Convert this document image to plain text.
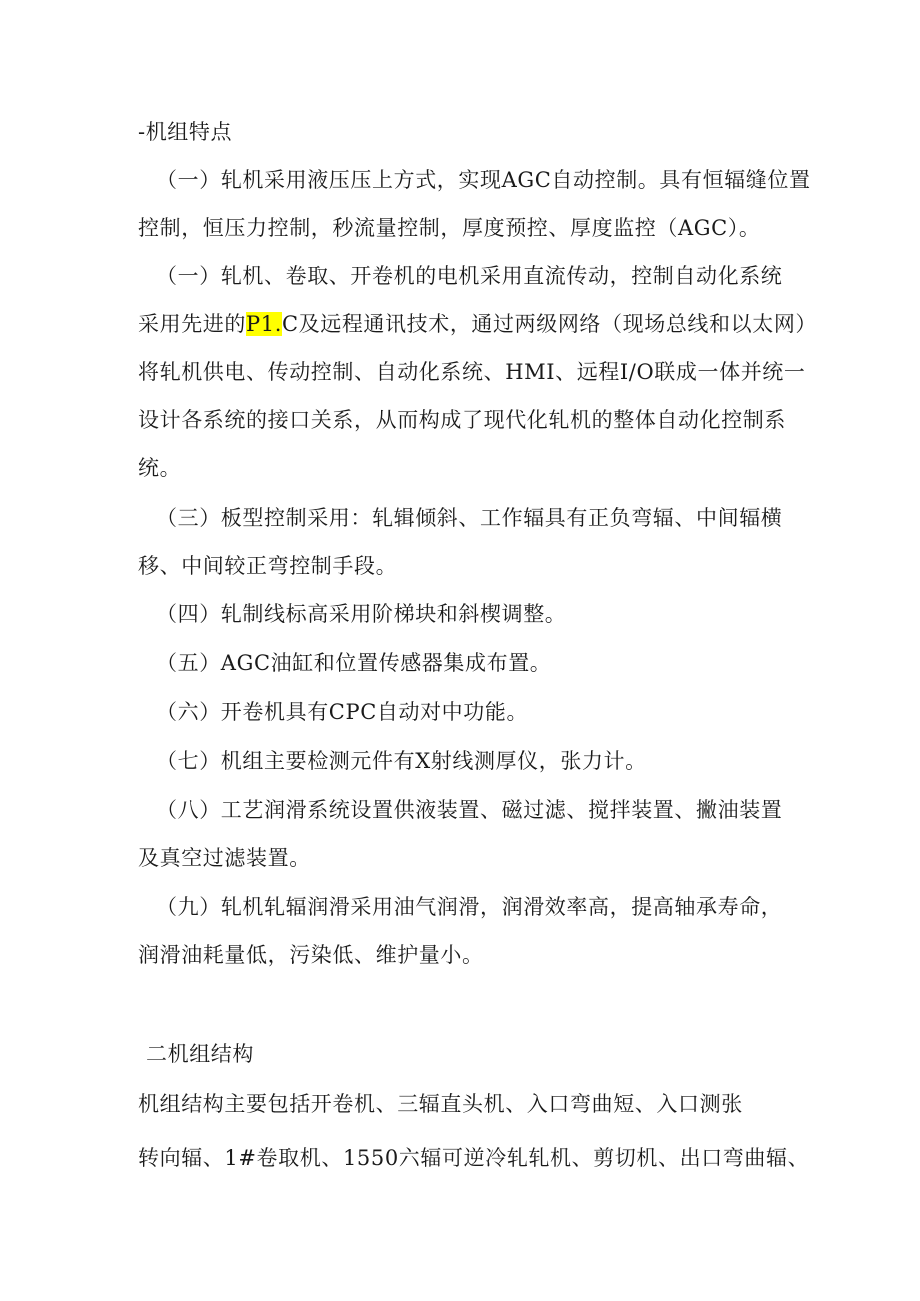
-机组特点
（一）轧机采用液压压上方式，实现AGC自动控制。具有恒辐缝位置
控制，恒压力控制，秒流量控制，厚度预控、厚度监控（AGC）。
（一）轧机、卷取、开卷机的电机采用直流传动，控制自动化系统
采用先进的P1.C及远程通讯技术，通过两级网络（现场总线和以太网）
将轧机供电、传动控制、自动化系统、HMI、远程I/O联成一体并统一
设计各系统的接口关系，从而构成了现代化轧机的整体自动化控制系
统。
（三）板型控制采用：轧辑倾斜、工作辐具有正负弯辐、中间辐横
移、中间较正弯控制手段。
（四）轧制线标高采用阶梯块和斜楔调整。
（五）AGC油缸和位置传感器集成布置。
（六）开卷机具有CPC自动对中功能。
（七）机组主要检测元件有X射线测厚仪，张力计。
（八）工艺润滑系统设置供液装置、磁过滤、搅拌装置、撇油装置
及真空过滤装置。
（九）轧机轧辐润滑采用油气润滑，润滑效率高，提高轴承寿命，
润滑油耗量低，污染低、维护量小。
二机组结构
机组结构主要包括开卷机、三辐直头机、入口弯曲短、入口测张
转向辐、1#卷取机、1550六辐可逆冷轧轧机、剪切机、出口弯曲辐、
